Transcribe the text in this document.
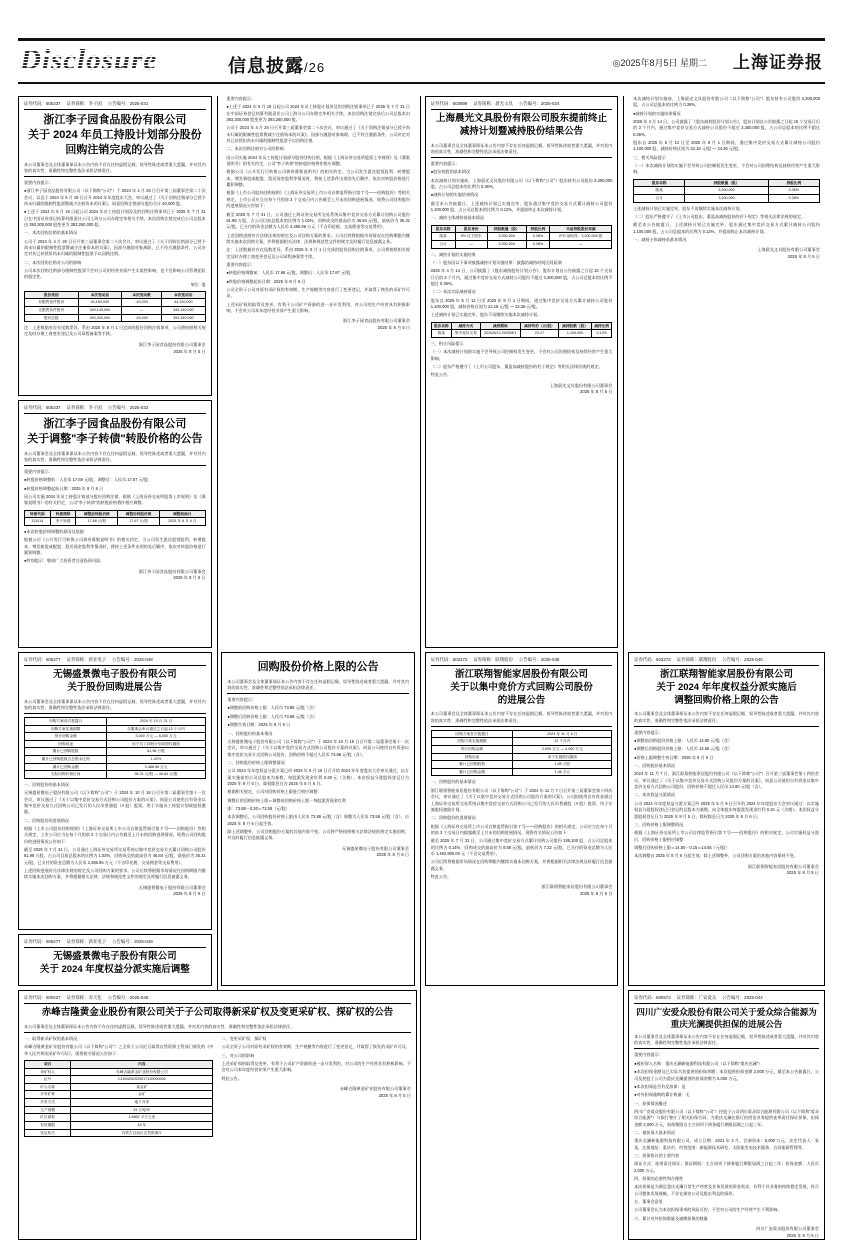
Disclosure	信息披露/26	◎2025年8月5日 星期二 上海证券报
证券代码：605337 证券简称：李子园 公告编号：2025-031
浙江李子园食品股份有限公司
关于 2024 年员工持股计划部分股份
回购注销完成的公告
本公司董事会及全体董事保证本公告内容不存在任何虚假记载、误导性陈述或者重大遗漏，并对其内容的真实性、准确性和完整性依法承担法律责任。

重要内容提示：

●浙江李子园食品股份有限公司（以下简称"公司"）于 2024 年 4 月 26 日召开第三届董事会第二十次会议、以及于 2024 年 5 月 19 日召开 2024 年年度股东大会，审议通过了《关于回购注销部分已授予尚未归属的限制性股票暨减少注册资本的议案》，同意回购注销部分股份合计 40,000 股。

●上述于 2024 年 5 月 19 日起公司 2024 年员工持股计划涉及的回购注销事项已于 2025 年 7 月 31 日在中国证券登记结算有限责任公司上海分公司办理完毕相关手续，本次回购注销完成后公司总股本由 393,300,000 股变更为 393,260,000 股。

一、本次回购注销的基本情况

公司于 2024 年 4 月 26 日召开第三届董事会第二十次会议，审议通过了《关于回购注销部分已授予尚未归属的限制性股票暨减少注册资本的议案》，因部分激励对象离职，已不符合激励条件，公司决定对其已获授但尚未归属的限制性股票予以回购注销。

二、本次回购注销对公司的影响

公司本次回购注销部分限制性股票不会对公司的经营业绩产生实质性影响，也不会影响公司管理团队的稳定性。

单位：股
股份类别	本次变动前	本次变动数	本次变动后
有限售条件股份	44,160,000	-40,000	44,120,000
无限售条件股份	349,140,000	—	349,140,000
股份总数	393,300,000	-40,000	393,260,000

注：上述数据若存在尾数差异，系由 2025 年 8 月 1 日完成的股份回购注销事项，公司将按照相关规定及时办理工商变更登记及公司章程备案等手续。

浙江李子园食品股份有限公司董事会
2025 年 8 月 5 日
证券代码：605337 证券简称：李子园 公告编号：2025-032
浙江李子园食品股份有限公司
关于调整"李子转债"转股价格的公告
本公司董事会及全体董事保证本公告内容不存在任何虚假记载、误导性陈述或者重大遗漏，并对其内容的真实性、准确性和完整性依法承担法律责任。

重要内容提示：

●转股价格调整前：人民币 17.68 元/股，调整后：人民币 17.67 元/股

●转股价格调整起始日期：2025 年 8 月 6 日

因公司实施 2024 年员工持股计划部分股份回购注销，根据《上海证券交易所股票上市规则》及《募集说明书》的有关约定，公司"李子转债"的转股价格将作相应调整。

转债代码	转债简称	调整前转股价格	调整后转股价格	调整起始日
111014	李子转债	17.68 元/股	17.67 元/股	2025 年 8 月 6 日

●本次转股价格调整的原因及依据

根据公司《公开发行可转换公司债券募集说明书》的相关约定，当公司发生派送股票股利、转增股本、增发新股或配股、派送现金股利等情况时，将按上述条件出现的先后顺序，依次对转股价格进行累积调整。

●特别提示：敬请广大投资者注意投资风险。

浙江李子园食品股份有限公司董事会
2025 年 8 月 5 日
证券代码：605277 证券简称：新亚电子 公告编号：2025-048
无锡盛景微电子股份有限公司
关于股份回购进展公告
本公司董事会及全体董事保证本公告内容不存在任何虚假记载、误导性陈述或者重大遗漏，并对其内容的真实性、准确性和完整性依法承担法律责任。
回购方案首次披露日	2024 年 10 月 21 日
回购方案实施期限	自董事会审议通过之日起 12 个月内
预计回购金额	3,000 万元 — 6,000 万元
回购用途	用于员工持股计划或股权激励
累计已回购股数	81,98 万股
累计已回购股数占总股本比例	1.02%
累计已回购金额	3,486.96 万元
实际回购价格区间	36.31 元/股 — 46.84 元/股

一、回购股份的基本情况

无锡盛景微电子股份有限公司（以下简称"公司"）于 2024 年 10 月 18 日召开第二届董事会第十一次会议，审议通过了《关于以集中竞价交易方式回购公司股份方案的议案》，同意公司使用自有资金以集中竞价交易方式回购公司已发行的人民币普通股（A 股）股票，用于实施员工持股计划或股权激励。

二、回购股份的进展情况

根据《上市公司股份回购规则》《上海证券交易所上市公司自律监管指引第 7 号——回购股份》等相关规定，上市公司应当在每个月的前 3 个交易日内公告截至上月末的回购进展情况。现将公司回购股份的进展情况公告如下：

截至 2025 年 7 月 31 日，公司通过上海证券交易所交易系统以集中竞价交易方式累计回购公司股份 81.98 万股，占公司目前总股本的比例为 1.02%，回购成交的最高价为 46.84 元/股，最低价为 36.31 元/股，已支付的资金总额为人民币 3,486.96 万元（不含印花税、交易佣金等交易费用）。

上述回购进展符合法律法规的规定及公司回购方案的要求。公司后续将根据市场情况在回购期限内继续实施本次回购方案，并将根据相关法律、法规和规范性文件的规定及时履行信息披露义务。

无锡盛景微电子股份有限公司董事会
2025 年 8 月 5 日
证券代码：605277 证券简称：新亚电子 公告编号：2025-049
无锡盛景微电子股份有限公司
关于 2024 年度权益分派实施后调整
证券代码：600227 证券简称：赤天化 公告编号：2025-046
赤峰吉隆黄金业股份有限公司关于子公司取得新采矿权及变更采矿权、探矿权的公告
本公司董事会及全体董事保证本公告内容不存在任何虚假记载、误导性陈述或者重大遗漏，并对其内容的真实性、准确性和完整性依法承担法律责任。

一、取得新采矿权的基本情况

赤峰吉隆黄金矿业股份有限公司（以下简称"公司"）之全资子公司近日取得自然资源主管部门颁发的《中华人民共和国采矿许可证》，现将相关情况公告如下：

项目	内容
采矿权人	赤峰吉隆黄金矿业股份有限公司
证号	C1504002025017120000000
矿山名称	某金矿
开采矿种	金矿
开采方式	地下开采
生产规模	33 万吨/年
矿区面积	1.9852 平方公里
有效期限	15 年
发证机关	内蒙古自治区自然资源厅

二、变更采矿权、探矿权

公司全资子公司对原有采矿权的有效期、生产规模等内容进行了变更登记，并取得了换发的采矿许可证。

三、对公司的影响

上述采矿权的取得及变更，有利于公司矿产资源的进一步开发利用，对公司的生产经营具有积极影响，不会对公司本年度经营业绩产生重大影响。

特此公告。

赤峰吉隆黄金矿业股份有限公司董事会
2025 年 8 月 5 日

重要内容提示：

●上述于 2024 年 5 月 19 日起公司 2024 年员工持股计划涉及的回购注销事项已于 2025 年 7 月 31 日在中国证券登记结算有限责任公司上海分公司办理完毕相关手续，本次回购注销完成后公司总股本由 393,300,000 股变更为 393,260,000 股。

公司于 2024 年 4 月 26 日召开第三届董事会第二十次会议，审议通过了《关于回购注销部分已授予尚未归属的限制性股票暨减少注册资本的议案》，因部分激励对象离职，已不符合激励条件，公司决定对其已获授但尚未归属的限制性股票予以回购注销。

二、本次回购注销对公司的影响

因公司实施 2024 年员工持股计划部分股份回购注销，根据《上海证券交易所股票上市规则》及《募集说明书》的有关约定，公司"李子转债"的转股价格将作相应调整。

根据公司《公开发行可转换公司债券募集说明书》的相关约定，当公司发生派送股票股利、转增股本、增发新股或配股、派送现金股利等情况时，将按上述条件出现的先后顺序，依次对转股价格进行累积调整。

根据《上市公司股份回购规则》《上海证券交易所上市公司自律监管指引第 7 号——回购股份》等相关规定，上市公司应当在每个月的前 3 个交易日内公告截至上月末的回购进展情况。现将公司回购股份的进展情况公告如下：

截至 2025 年 7 月 31 日，公司通过上海证券交易所交易系统以集中竞价交易方式累计回购公司股份 81.98 万股，占公司目前总股本的比例为 1.02%，回购成交的最高价为 46.84 元/股，最低价为 36.31 元/股，已支付的资金总额为人民币 3,486.96 万元（不含印花税、交易佣金等交易费用）。

上述回购进展符合法律法规的规定及公司回购方案的要求。公司后续将根据市场情况在回购期限内继续实施本次回购方案，并将根据相关法律、法规和规范性文件的规定及时履行信息披露义务。

注：上述数据若存在尾数差异，系由 2025 年 8 月 1 日完成的股份回购注销事项，公司将按照相关规定及时办理工商变更登记及公司章程备案等手续。

重要内容提示：

●转股价格调整前：人民币 17.68 元/股，调整后：人民币 17.67 元/股

●转股价格调整起始日期：2025 年 8 月 6 日

公司全资子公司对原有采矿权的有效期、生产规模等内容进行了变更登记，并取得了换发的采矿许可证。

上述采矿权的取得及变更，有利于公司矿产资源的进一步开发利用，对公司的生产经营具有积极影响，不会对公司本年度经营业绩产生重大影响。

浙江李子园食品股份有限公司董事会
2025 年 8 月 5 日
回购股份价格上限的公告
本公司董事会及全体董事保证本公告内容不存在任何虚假记载、误导性陈述或者重大遗漏，并对其内容的真实性、准确性和完整性依法承担法律责任。

重要内容提示：

●调整前回购价格上限：人民币 73.88 元/股（含）

●调整后回购价格上限：人民币 73.58 元/股（含）

●调整生效日期：2025 年 8 月 6 日

一、回购股份的基本情况

无锡盛景微电子股份有限公司（以下简称"公司"）于 2024 年 10 月 18 日召开第二届董事会第十一次会议，审议通过了《关于以集中竞价交易方式回购公司股份方案的议案》，同意公司使用自有资金以集中竞价交易方式回购公司股份，回购价格不超过人民币 73.88 元/股（含）。

二、回购股份价格上限调整情况

公司 2024 年年度权益分派方案已经 2025 年 5 月 16 日召开的 2024 年年度股东大会审议通过，以方案实施前的公司总股本为基数，每股派发现金红利 0.30 元（含税）。本次权益分派股权登记日为 2025 年 8 月 5 日，除权除息日为 2025 年 8 月 6 日。

根据相关规定，公司对回购价格上限进行相应调整：

调整后的回购价格上限＝调整前回购价格上限－每股派发现金红利

即：73.88－0.30＝73.58（元/股）

本次调整后，公司回购股份价格上限由人民币 73.88 元/股（含）调整为人民币 73.58 元/股（含），自 2025 年 8 月 6 日起生效。

除上述调整外，公司回购股份方案的其他内容不变。公司将严格按照相关法律法规的规定实施回购，并及时履行信息披露义务。

无锡盛景微电子股份有限公司董事会
2025 年 8 月 5 日
证券代码：603899 证券简称：晨光文具 公告编号：2025-024
上海晨光文具股份有限公司股东提前终止减持计划暨减持股份结果公告
本公司董事会及全体董事保证本公告内容不存在任何虚假记载、误导性陈述或者重大遗漏，并对其内容的真实性、准确性和完整性依法承担法律责任。

重要内容提示：

●股东持股的基本情况

本次减持计划实施前，上海晨光文具股份有限公司（以下简称"公司"）股东持有公司股份 3,300,000 股，占公司总股本的比例为 0.36%。

●减持计划的实施结果情况

截至本公告披露日，上述减持计划已实施完毕，股东通过集中竞价交易方式累计减持公司股份 1,100,000 股，占公司总股本的比例为 0.12%，并提前终止本次减持计划。

一、减持主体减持前基本情况

股东名称	股东身份	持股数量（股）	持股比例	当前持股股份来源
陈某	5% 以下股东	3,300,000	0.36%	IPO 前取得：3,300,000 股
合计	—	3,300,000	0.36%	—

二、减持计划的实施结果

（一）股东因以下事项披露减持计划实施结果：披露的减持时间区间届满

2025 年 4 月 14 日，公司披露了《股东减持股份计划公告》，股东计划自公告披露之日起 15 个交易日后的 3 个月内，通过集中竞价交易方式减持公司股份不超过 3,300,000 股，占公司总股本的比例不超过 0.36%。

（二）本次实际减持情况

股东自 2025 年 5 月 12 日至 2025 年 8 月 1 日期间，通过集中竞价交易方式累计减持公司股份 1,100,000 股，减持价格区间为 22.18 元/股 — 24.36 元/股。

上述减持计划已实施完毕，股东不再继续实施本次减持计划。

股东名称	减持方式	减持期间	减持均价（元/股）	减持股数（股）	减持比例
陈某	集中竞价交易	2025/5/12-2025/8/1	23.27	1,100,000	0.12%

三、相关风险提示

（一）本次减持计划的实施不会导致公司控制权发生变更，不会对公司治理结构及持续经营产生重大影响。

（二）股东严格遵守了《上市公司股东、董监高减持股份的若干规定》等相关法律法规的规定。

特此公告。

上海晨光文具股份有限公司董事会
2025 年 8 月 5 日
证券代码：603272 证券简称：联翔股份 公告编号：2025-039
浙江联翔智能家居股份有限公司
关于以集中竞价方式回购公司股份
的进展公告
本公司董事会及全体董事保证本公告内容不存在任何虚假记载、误导性陈述或者重大遗漏，并对其内容的真实性、准确性和完整性依法承担法律责任。
回购方案首次披露日	2024 年 11 月 8 日
回购方案实施期限	12 个月内
预计回购金额	2,000 万元 — 4,000 万元
回购用途	用于实施股权激励
累计已回购股数	1,85 万股
累计已回购金额	1,46 万元

一、回购股份的基本情况

浙江联翔智能家居股份有限公司（以下简称"公司"）于 2024 年 11 月 7 日召开第三届董事会第十四次会议，审议通过了《关于以集中竞价交易方式回购公司股份方案的议案》。公司拟使用自有资金通过上海证券交易所交易系统以集中竞价交易方式回购公司已发行的人民币普通股（A 股）股票，用于实施股权激励计划。

二、回购股份的进展情况

根据《上海证券交易所上市公司自律监管指引第 7 号——回购股份》的相关规定，公司应当在每个月的前 3 个交易日内披露截至上月末的回购进展情况，现将有关情况公告如下：

截至 2025 年 7 月 31 日，公司通过集中竞价交易方式累计回购公司股份 185,100 股，占公司总股本的比例为 0.14%，回购成交的最高价为 8.58 元/股，最低价为 7.22 元/股，已支付的资金总额为人民币 1,462,900.00 元（不含交易费用）。

公司后续将根据市场情况在回购期限内继续实施本回购方案，并将根据相关法律法规及时履行信息披露义务。

特此公告。

浙江联翔智能家居股份有限公司董事会
2025 年 8 月 5 日

本次减持计划实施前，上海晨光文具股份有限公司（以下简称"公司"）股东持有公司股份 3,300,000 股，占公司总股本的比例为 0.36%。

●减持计划的实施结果情况

2025 年 4 月 14 日，公司披露了《股东减持股份计划公告》，股东计划自公告披露之日起 15 个交易日后的 3 个月内，通过集中竞价交易方式减持公司股份不超过 3,300,000 股，占公司总股本的比例不超过 0.36%。

股东自 2025 年 5 月 12 日至 2025 年 8 月 1 日期间，通过集中竞价交易方式累计减持公司股份 1,100,000 股，减持价格区间为 22.18 元/股 — 24.36 元/股。

三、相关风险提示

（一）本次减持计划的实施不会导致公司控制权发生变更，不会对公司治理结构及持续经营产生重大影响。

股东名称	持股数量（股）	持股比例
陈某	3,300,000	0.36%
合计	3,300,000	0.36%

上述减持计划已实施完毕，股东不再继续实施本次减持计划。

（二）股东严格遵守了《上市公司股东、董监高减持股份的若干规定》等相关法律法规的规定。

截至本公告披露日，上述减持计划已实施完毕，股东通过集中竞价交易方式累计减持公司股份 1,100,000 股，占公司总股本的比例为 0.12%，并提前终止本次减持计划。

一、减持主体减持前基本情况

上海晨光文具股份有限公司董事会
2025 年 8 月 5 日
证券代码：603272 证券简称：联翔股份 公告编号：2025-040
浙江联翔智能家居股份有限公司
关于 2024 年年度权益分派实施后
调整回购价格上限的公告
本公司董事会及全体董事保证本公告内容不存在任何虚假记载、误导性陈述或者重大遗漏，并对其内容的真实性、准确性和完整性依法承担法律责任。

重要内容提示：

●调整前回购股份价格上限：人民币 14.80 元/股（含）

●调整后回购股份价格上限：人民币 14.65 元/股（含）

●价格上限调整生效日期：2025 年 8 月 6 日

一、回购股份基本情况

2024 年 11 月 7 日，浙江联翔智能家居股份有限公司（以下简称"公司"）召开第三届董事会第十四次会议，审议通过了《关于以集中竞价交易方式回购公司股份方案的议案》，同意公司使用自有资金以集中竞价交易方式回购公司股份，回购价格不超过人民币 14.80 元/股（含）。

二、本次权益分派情况

公司 2024 年年度权益分派方案已经 2025 年 5 月 9 日召开的 2024 年年度股东大会审议通过：以实施权益分派股权登记日登记的总股本为基数，向全体股东每股派发现金红利 0.15 元（含税）。本次权益分派股权登记日为 2025 年 8 月 5 日，除权除息日为 2025 年 8 月 6 日。

三、回购价格上限调整情况

根据《上海证券交易所上市公司自律监管指引第 7 号——回购股份》的相关规定，公司实施权益分派后，回购价格上限相应调整：

调整后回购价格上限＝14.80－0.15＝14.65（元/股）

本次调整自 2025 年 8 月 6 日起生效。除上述调整外，公司回购方案的其他内容保持不变。

浙江联翔智能家居股份有限公司董事会
2025 年 8 月 5 日
证券代码：600573 证券简称：广安爱众 公告编号：2025-044
四川广安爱众股份有限公司关于爱众综合能源为重庆光澜提供担保的进展公告
本公司董事会及全体董事保证本公告内容不存在任何虚假记载、误导性陈述或者重大遗漏，并对其内容的真实性、准确性和完整性依法承担法律责任。

重要内容提示：

●被担保人名称：重庆光澜新能源科技有限公司（以下简称"重庆光澜"）

●本次担保金额及已实际为其提供的担保余额：本次提供担保金额 2,000 万元，截至本公告披露日，公司及控股子公司为重庆光澜提供的担保余额为 5,000 万元。

●本次担保是否有反担保：是

●对外担保逾期的累计数量：无

一、担保情况概述

四川广安爱众股份有限公司（以下简称"公司"）控股子公司四川爱众综合能源有限公司（以下简称"爱众综合能源"）与银行签订了相关担保合同，为重庆光澜在银行的授信业务提供连带责任保证担保，担保金额 2,000 万元，担保期限自主合同项下债务履行期限届满之日起三年。

二、被担保人基本情况

重庆光澜新能源科技有限公司，成立日期：2021 年 3 月，注册资本：5,000 万元，法定代表人：张某，注册地址：重庆市，经营范围：新能源技术研发、太阳能发电技术服务、合同能源管理等。

三、担保协议的主要内容

保证方式：连带责任保证；保证期间：主合同项下债务履行期限届满之日起三年；担保金额：人民币 2,000 万元。

四、担保的必要性和合理性

本次担保是为满足重庆光澜日常生产经营及业务发展的资金需求，有利于其业务的持续稳定发展，符合公司整体发展战略，不存在损害公司及股东利益的情形。

五、董事会意见

公司董事会认为本次担保事项的风险可控，不会对公司的生产经营产生不利影响。

六、累计对外担保数量及逾期担保的数量

四川广安爱众股份有限公司董事会
2025 年 8 月 5 日
